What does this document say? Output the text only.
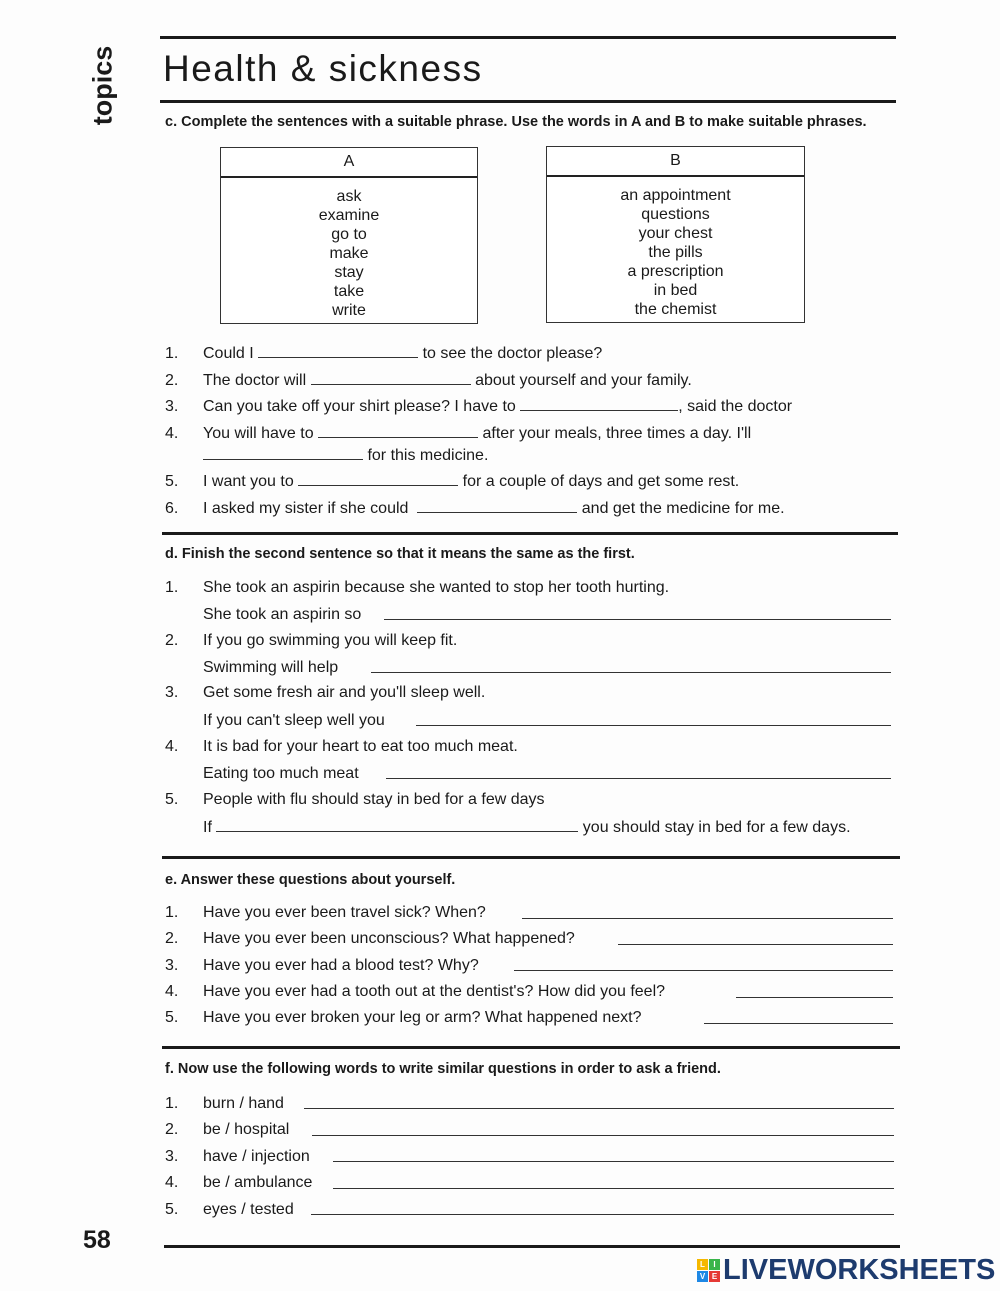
topics Health & sickness
c. Complete the sentences with a suitable phrase. Use the words in A and B to make suitable phrases.
A
ask
examine
go to
make
stay
take
write
B
an appointment
questions
your chest
the pills
a prescription
in bed
the chemist
1. Could I	to see the doctor please?
2. The doctor will	about yourself and your family.
3. Can you take off your shirt please? I have to	, said the doctor
4. You will have to	after your meals, three times a day. I'll
for this medicine.
5. I want you to	for a couple of days and get some rest.
6. I asked my sister if she could	and get the medicine for me.
d. Finish the second sentence so that it means the same as the first.
1. She took an aspirin because she wanted to stop her tooth hurting.
She took an aspirin so
2. If you go swimming you will keep fit.
Swimming will help
3. Get some fresh air and you'll sleep well.
If you can't sleep well you
4. It is bad for your heart to eat too much meat.
Eating too much meat
5. People with flu should stay in bed for a few days
If	you should stay in bed for a few days.
e. Answer these questions about yourself.
1. Have you ever been travel sick? When?
2. Have you ever been unconscious? What happened?
3. Have you ever had a blood test? Why?
4. Have you ever had a tooth out at the dentist's? How did you feel?
5. Have you ever broken your leg or arm? What happened next?
f. Now use the following words to write similar questions in order to ask a friend.
1. burn / hand
2. be / hospital
3. have / injection
4. be / ambulance
5. eyes / tested
58
L	I
V E LIVEWORKSHEETS
